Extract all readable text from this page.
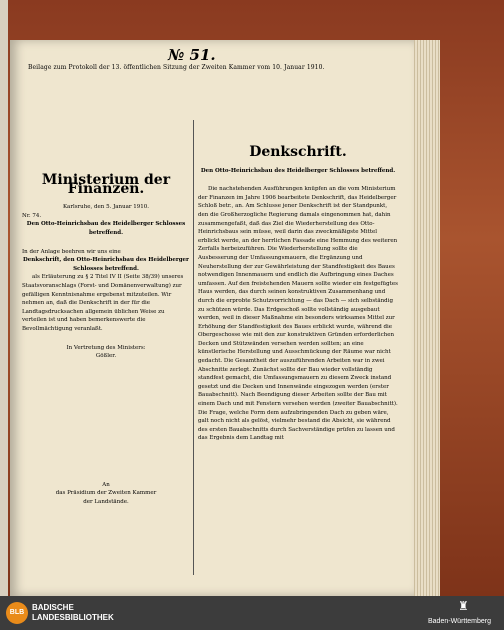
№ 51.
Beilage zum Protokoll der 13. öffentlichen Sitzung der Zweiten Kammer vom 10. Januar 1910.
Ministerium der Finanzen.
Karlsruhe, den 5. Januar 1910.
Nr. 74.
Den Otto-Heinrichsbau des Heidelberger Schlosses betreffend.
In der Anlage beehren wir uns eine
Denkschrift, den Otto-Heinrichsbau des Heidelberger Schlosses betreffend.
als Erläuterung zu § 2 Titel IV II (Seite 38/39) unseres Staatsvoranschlags (Forst- und Domänenverwaltung) zur gefälligen Kenntnisnahme ergebenst mitzuteilen. Wir nehmen an, daß die Denkschrift in der für die Landtagsdrucksachen allgemein üblichen Weise zu verteilen ist und haben bemerkenswerte die Bevollmächtigung veranlaßt.
In Vertretung des Ministers:
Gößler.
An
das Präsidium der Zweiten Kammer
der Landstände.
Denkschrift.
Den Otto-Heinrichsbau des Heidelberger Schlosses betreffend.
Die nachstehenden Ausführungen knüpfen an die vom Ministerium der Finanzen im Jahre 1906 bearbeitete Denkschrift, das Heidelberger Schloß betr., an. Am Schlusse jener Denkschrift ist der Standpunkt, den die Großherzogliche Regierung damals eingenommen hat, dahin zusammengefaßt, daß das Ziel die Wiederherstellung des Otto-Heinrichsbaus sein müsse, weil darin das zweckmäßigste Mittel erblickt werde, an der herrlichen Fassade eine Hemmung des weiteren Zerfalls herbeizuführen. Die Wiederherstellung sollte die Ausbesserung der Umfassungsmauern, die Ergänzung und Neuherstellung der zur Gewährleistung der Standfestigkeit des Baues notwendigen Innenmauern und endlich die Aufbringung eines Daches umfassen. Auf den freistehenden Mauern sollte wieder ein festgefügtes Haus werden, das durch seinen konstruktiven Zusammenhang und durch die erprobte Schutzvorrichtung — das Dach — sich selbständig zu schützen würde. Das Erdgeschoß sollte vollständig ausgebaut werden, weil in dieser Maßnahme ein besonders wirksames Mittel zur Erhöhung der Standfestigkeit des Baues erblickt wurde, während die Obergeschosse wie mit den zur konstruktiven Gründen erforderlichen Decken und Stützwänden versehen werden sollten; an eine künstlerische Herstellung und Ausschmückung der Räume war nicht gedacht. Die Gesamtheit der auszuführenden Arbeiten war in zwei Abschnitte zerlegt. Zunächst sollte der Bau wieder vollständig standfest gemacht, die Umfassungsmauern zu diesem Zweck instand gesetzt und die Decken und Innenwände eingezogen werden (erster Bauabschnitt). Nach Beendigung dieser Arbeiten sollte der Bau mit einem Dach und mit Fenstern versehen werden (zweiter Bauabschnitt). Die Frage, welche Form dem aufzubringenden Dach zu geben wäre, galt noch nicht als gelöst, vielmehr bestand die Absicht, sie während des ersten Bauabschnitts durch Sachverständige prüfen zu lassen und das Ergebnis dem Landtag mit
BLB
BADISCHE
LANDESBIBLIOTHEK
♜
Baden-Württemberg
